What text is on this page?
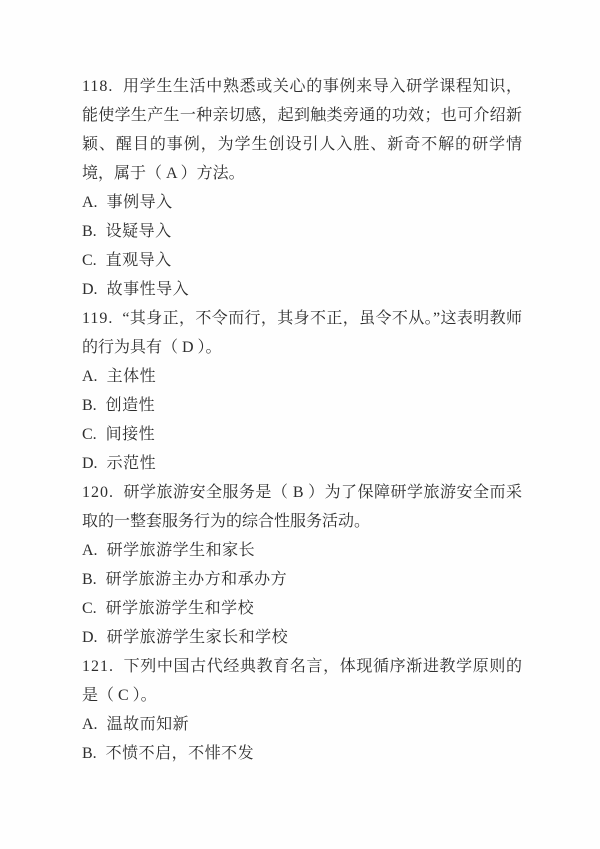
118. 用学生生活中熟悉或关心的事例来导入研学课程知识，能使学生产生一种亲切感，起到触类旁通的功效；也可介绍新颖、醒目的事例，为学生创设引人入胜、新奇不解的研学情境，属于（ A ）方法。

A. 事例导入
B. 设疑导入
C. 直观导入
D. 故事性导入

119. “其身正，不令而行，其身不正，虽令不从。”这表明教师的行为具有（ D ）。

A. 主体性
B. 创造性
C. 间接性
D. 示范性

120. 研学旅游安全服务是（ B ）为了保障研学旅游安全而采取的一整套服务行为的综合性服务活动。

A. 研学旅游学生和家长
B. 研学旅游主办方和承办方
C. 研学旅游学生和学校
D. 研学旅游学生家长和学校

121. 下列中国古代经典教育名言，体现循序渐进教学原则的是（ C ）。

A. 温故而知新
B. 不愤不启，不悱不发
